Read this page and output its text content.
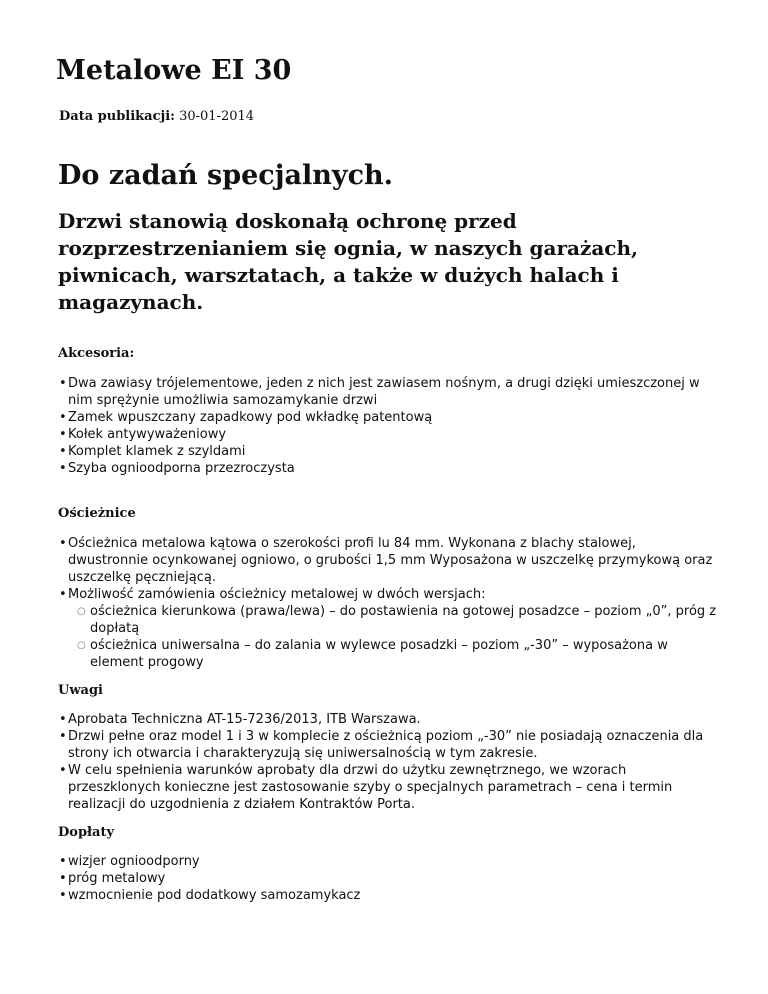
Metalowe EI 30
Data publikacji: 30-01-2014
Do zadań specjalnych.

Drzwi stanowią doskonałą ochronę przed rozprzestrzenianiem się ognia, w naszych garażach, piwnicach, warsztatach, a także w dużych halach i magazynach.

Akcesoria:
• Dwa zawiasy trójelementowe, jeden z nich jest zawiasem nośnym, a drugi dzięki umieszczonej w nim sprężynie umożliwia samozamykanie drzwi
• Zamek wpuszczany zapadkowy pod wkładkę patentową
• Kołek antywyważeniowy
• Komplet klamek z szyldami
• Szyba ognioodporna przezroczysta
Ościeżnice
• Ościeżnica metalowa kątowa o szerokości profi lu 84 mm. Wykonana z blachy stalowej, dwustronnie ocynkowanej ogniowo, o grubości 1,5 mm Wyposażona w uszczelkę przymykową oraz uszczelkę pęczniejącą.
• Możliwość zamówienia ościeżnicy metalowej w dwóch wersjach:
○ ościeżnica kierunkowa (prawa/lewa) – do postawienia na gotowej posadzce – poziom „0”, próg z dopłatą
○ ościeżnica uniwersalna – do zalania w wylewce posadzki – poziom „-30” – wyposażona w element progowy
Uwagi
• Aprobata Techniczna AT-15-7236/2013, ITB Warszawa.
• Drzwi pełne oraz model 1 i 3 w komplecie z ościeżnicą poziom „-30” nie posiadają oznaczenia dla strony ich otwarcia i charakteryzują się uniwersalnością w tym zakresie.
• W celu spełnienia warunków aprobaty dla drzwi do użytku zewnętrznego, we wzorach przeszklonych konieczne jest zastosowanie szyby o specjalnych parametrach – cena i termin realizacji do uzgodnienia z działem Kontraktów Porta.
Dopłaty
• wizjer ognioodporny
• próg metalowy
• wzmocnienie pod dodatkowy samozamykacz
